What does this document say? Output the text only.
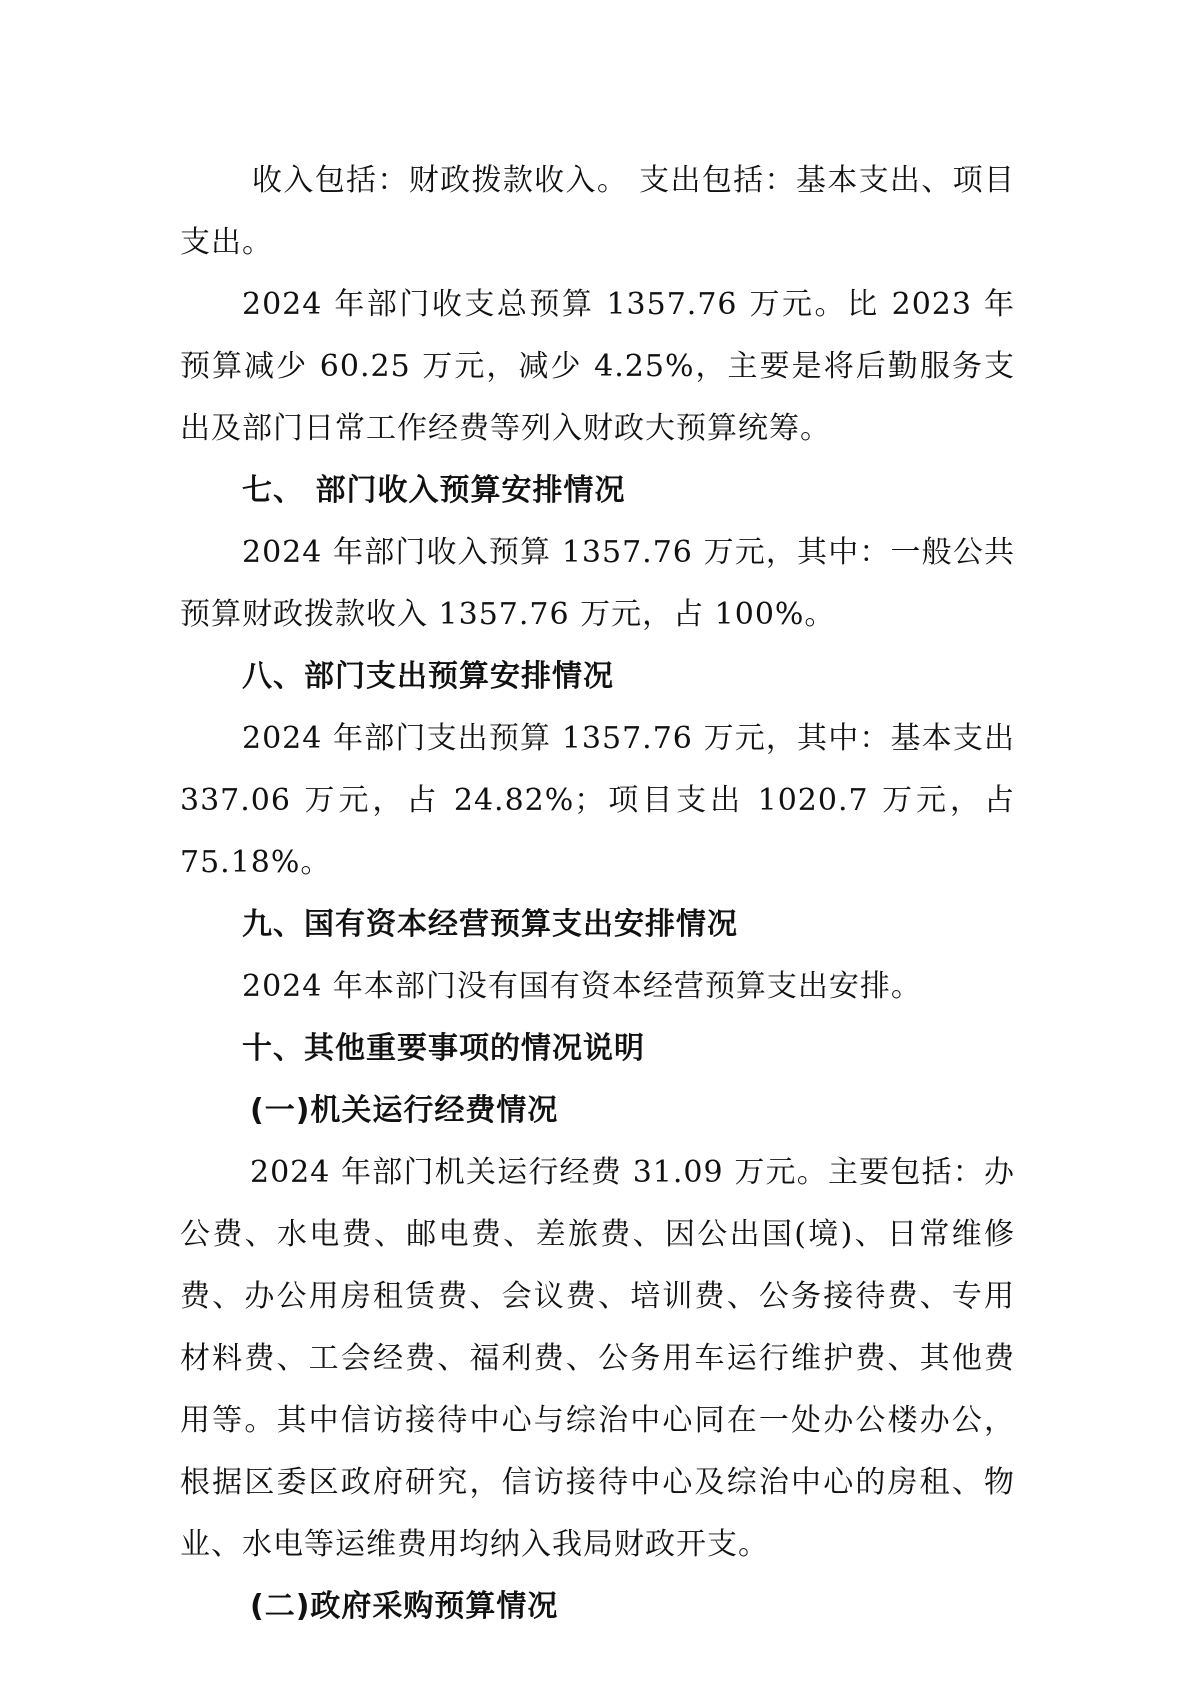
收入包括：财政拨款收入。 支出包括：基本支出、项目支出。

2024 年部门收支总预算 1357.76 万元。比 2023 年预算减少 60.25 万元，减少 4.25%，主要是将后勤服务支出及部门日常工作经费等列入财政大预算统筹。

七、 部门收入预算安排情况

2024 年部门收入预算 1357.76 万元，其中：一般公共预算财政拨款收入 1357.76 万元，占 100%。

八、部门支出预算安排情况

2024 年部门支出预算 1357.76 万元，其中：基本支出 337.06 万元，占 24.82%；项目支出 1020.7 万元，占 75.18%。

九、国有资本经营预算支出安排情况

2024 年本部门没有国有资本经营预算支出安排。

十、其他重要事项的情况说明

(一)机关运行经费情况

2024 年部门机关运行经费 31.09 万元。主要包括：办公费、水电费、邮电费、差旅费、因公出国(境)、日常维修费、办公用房租赁费、会议费、培训费、公务接待费、专用材料费、工会经费、福利费、公务用车运行维护费、其他费用等。其中信访接待中心与综治中心同在一处办公楼办公，根据区委区政府研究，信访接待中心及综治中心的房租、物业、水电等运维费用均纳入我局财政开支。

(二)政府采购预算情况
